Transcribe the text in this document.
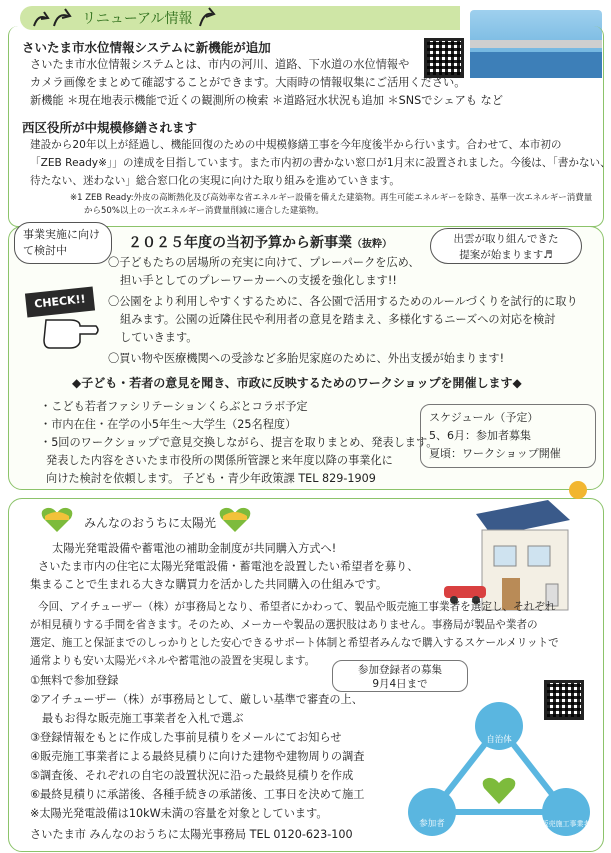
リニューアル情報
さいたま市水位情報システムに新機能が追加
さいたま市水位情報システムとは、市内の河川、道路、下水道の水位情報や
カメラ画像をまとめて確認することができます。大雨時の情報収集にご活用ください。
新機能 ＊現在地表示機能で近くの観測所の検索 ＊道路冠水状況も追加 ＊SNSでシェアも など
西区役所が中規模修繕されます
建設から20年以上が経過し、機能回復のための中規模修繕工事を今年度後半から行います。合わせて、本市初の
「ZEB Ready※」」の達成を目指しています。また市内初の書かない窓口が1月末に設置されました。今後は、「書かない、
待たない、迷わない」総合窓口化の実現に向けた取り組みを進めていきます。
※1 ZEB Ready:外皮の高断熱化及び高効率な省エネルギー設備を備えた建築物。再生可能エネルギーを除き、基準一次エネルギー消費量
から50%以上の一次エネルギー消費量削減に適合した建築物。
事業実施に向けて検討中	２０２５年度の当初予算から新事業（抜粋）	出雲が取り組んできた
提案が始まります♬
CHECK!!
〇子どもたちの居場所の充実に向けて、プレーパークを広め、
担い手としてのプレーワーカーへの支援を強化します!!
〇公園をより利用しやすくするために、各公園で活用するためのルールづくりを試行的に取り
組みます。公園の近隣住民や利用者の意見を踏まえ、多様化するニーズへの対応を検討
していきます。
〇買い物や医療機関への受診など多胎児家庭のために、外出支援が始まります!
◆子ども・若者の意見を聞き、市政に反映するためのワークショップを開催します◆
・こども若者ファシリテーションくらぶとコラボ予定
・市内在住・在学の小5年生～大学生（25名程度）
・5回のワークショップで意見交換しながら、提言を取りまとめ、発表します。
発表した内容をさいたま市役所の関係所管課と来年度以降の事業化に
向けた検討を依頼します。 子ども・青少年政策課 TEL 829-1909
スケジュール（予定）
5、6月：参加者募集
夏頃：ワークショップ開催
みんなのおうちに太陽光
太陽光発電設備や蓄電池の補助金制度が共同購入方式へ!
さいたま市内の住宅に太陽光発電設備・蓄電池を設置したい希望者を募り、
集まることで生まれる大きな購買力を活かした共同購入の仕組みです。
今回、アイチューザー（株）が事務局となり、希望者にかわって、製品や販売施工事業者を選定し、それぞれ
が相見積りする手間を省きます。そのため、メーカーや製品の選択肢はありません。事務局が製品や業者の
選定、施工と保証までのしっかりとした安心できるサポート体制と希望者みんなで購入するスケールメリットで
通常よりも安い太陽光パネルや蓄電池の設置を実現します。
参加登録者の募集
9月4日まで
①無料で参加登録
②アイチューザー（株）が事務局として、厳しい基準で審査の上、
最もお得な販売施工事業者を入札で選ぶ
③登録情報をもとに作成した事前見積りをメールにてお知らせ
④販売施工事業者による最終見積りに向けた建物や建物周りの調査
⑤調査後、それぞれの自宅の設置状況に沿った最終見積りを作成
⑥最終見積りに承諾後、各種手続きの承諾後、工事日を決めて施工
※太陽光発電設備は10kW未満の容量を対象としています。
さいたま市 みんなのおうちに太陽光事務局 TEL 0120-623-100
自治体
参加者	販売施工事業者
